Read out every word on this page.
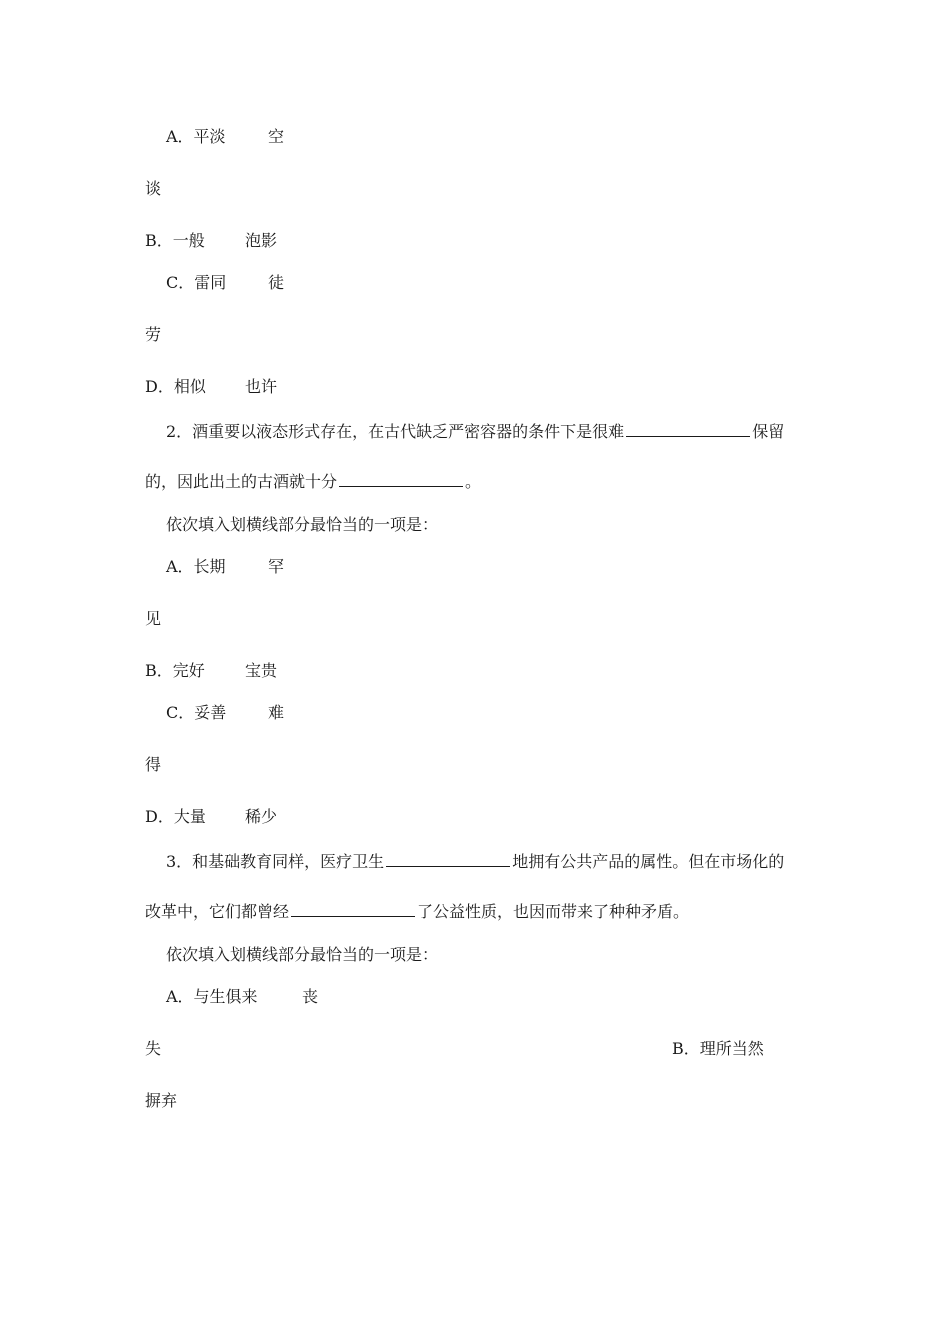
A．平淡	空
谈
B．一般	泡影
C．雷同	徒
劳
D．相似 也许
2．酒重要以液态形式存在，在古代缺乏严密容器的条件下是很难	保留
的，因此出土的古酒就十分	。
依次填入划横线部分最恰当的一项是：
A．长期	罕
见
B．完好	宝贵
C．妥善	难
得
D．大量 稀少
3．和基础教育同样，医疗卫生	地拥有公共产品的属性。但在市场化的
改革中，它们都曾经	了公益性质，也因而带来了种种矛盾。
依次填入划横线部分最恰当的一项是：
A．与生俱来	丧
失	B．理所当然
摒弃
